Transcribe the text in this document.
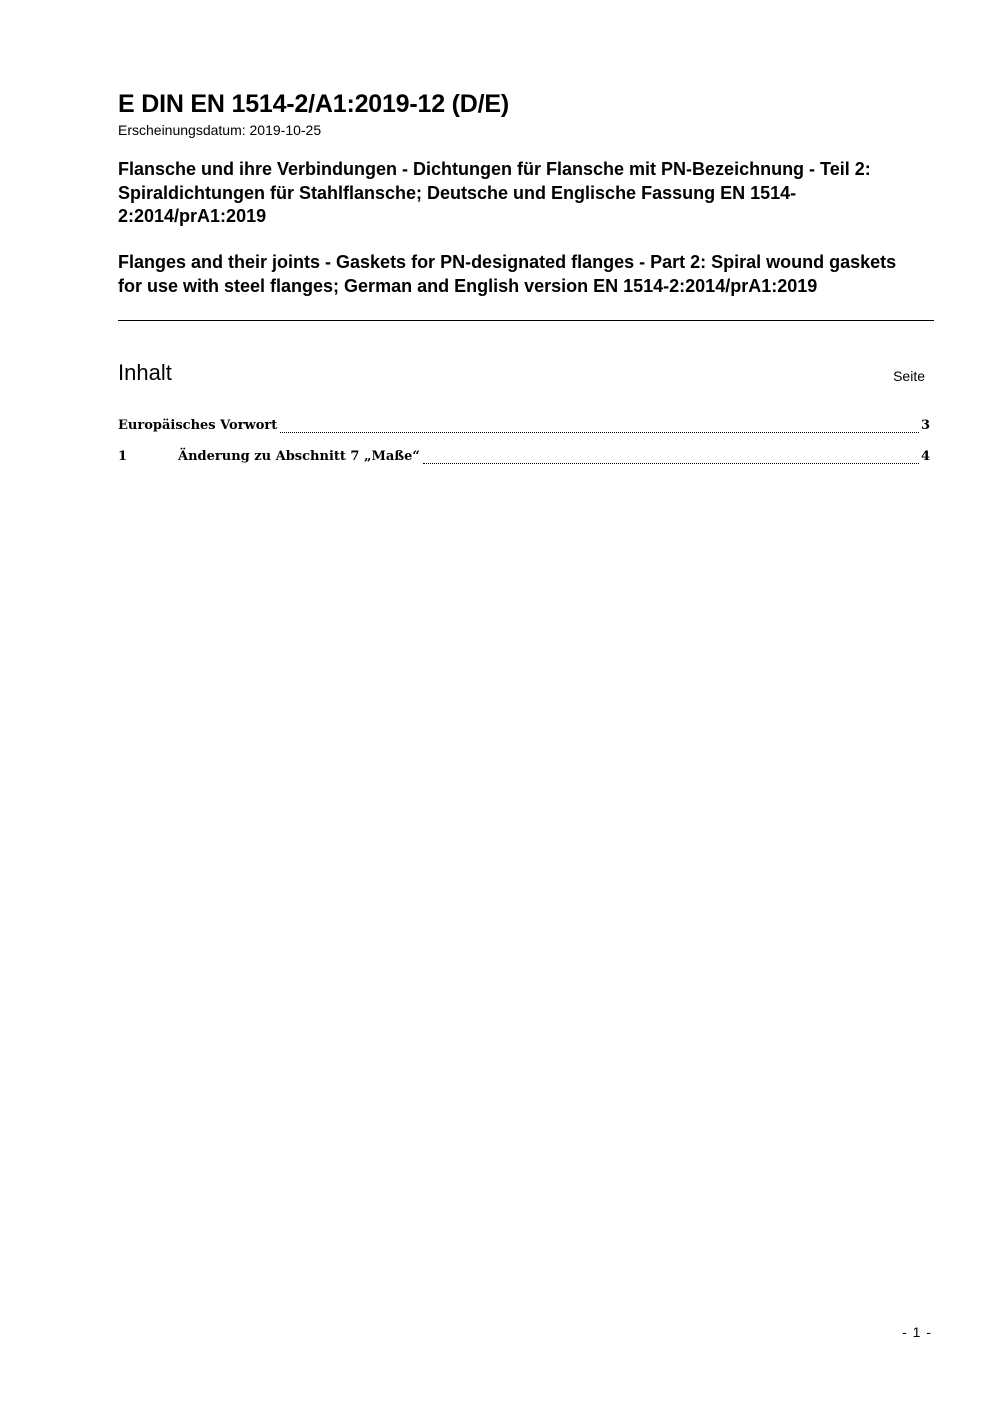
E DIN EN 1514-2/A1:2019-12 (D/E)
Erscheinungsdatum: 2019-10-25
Flansche und ihre Verbindungen - Dichtungen für Flansche mit PN-Bezeichnung - Teil 2: Spiraldichtungen für Stahlflansche; Deutsche und Englische Fassung EN 1514-2:2014/prA1:2019
Flanges and their joints - Gaskets for PN-designated flanges - Part 2: Spiral wound gaskets for use with steel flanges; German and English version EN 1514-2:2014/prA1:2019
Inhalt	Seite
Europäisches Vorwort	3
1	Änderung zu Abschnitt 7 „Maße“	4
- 1 -
